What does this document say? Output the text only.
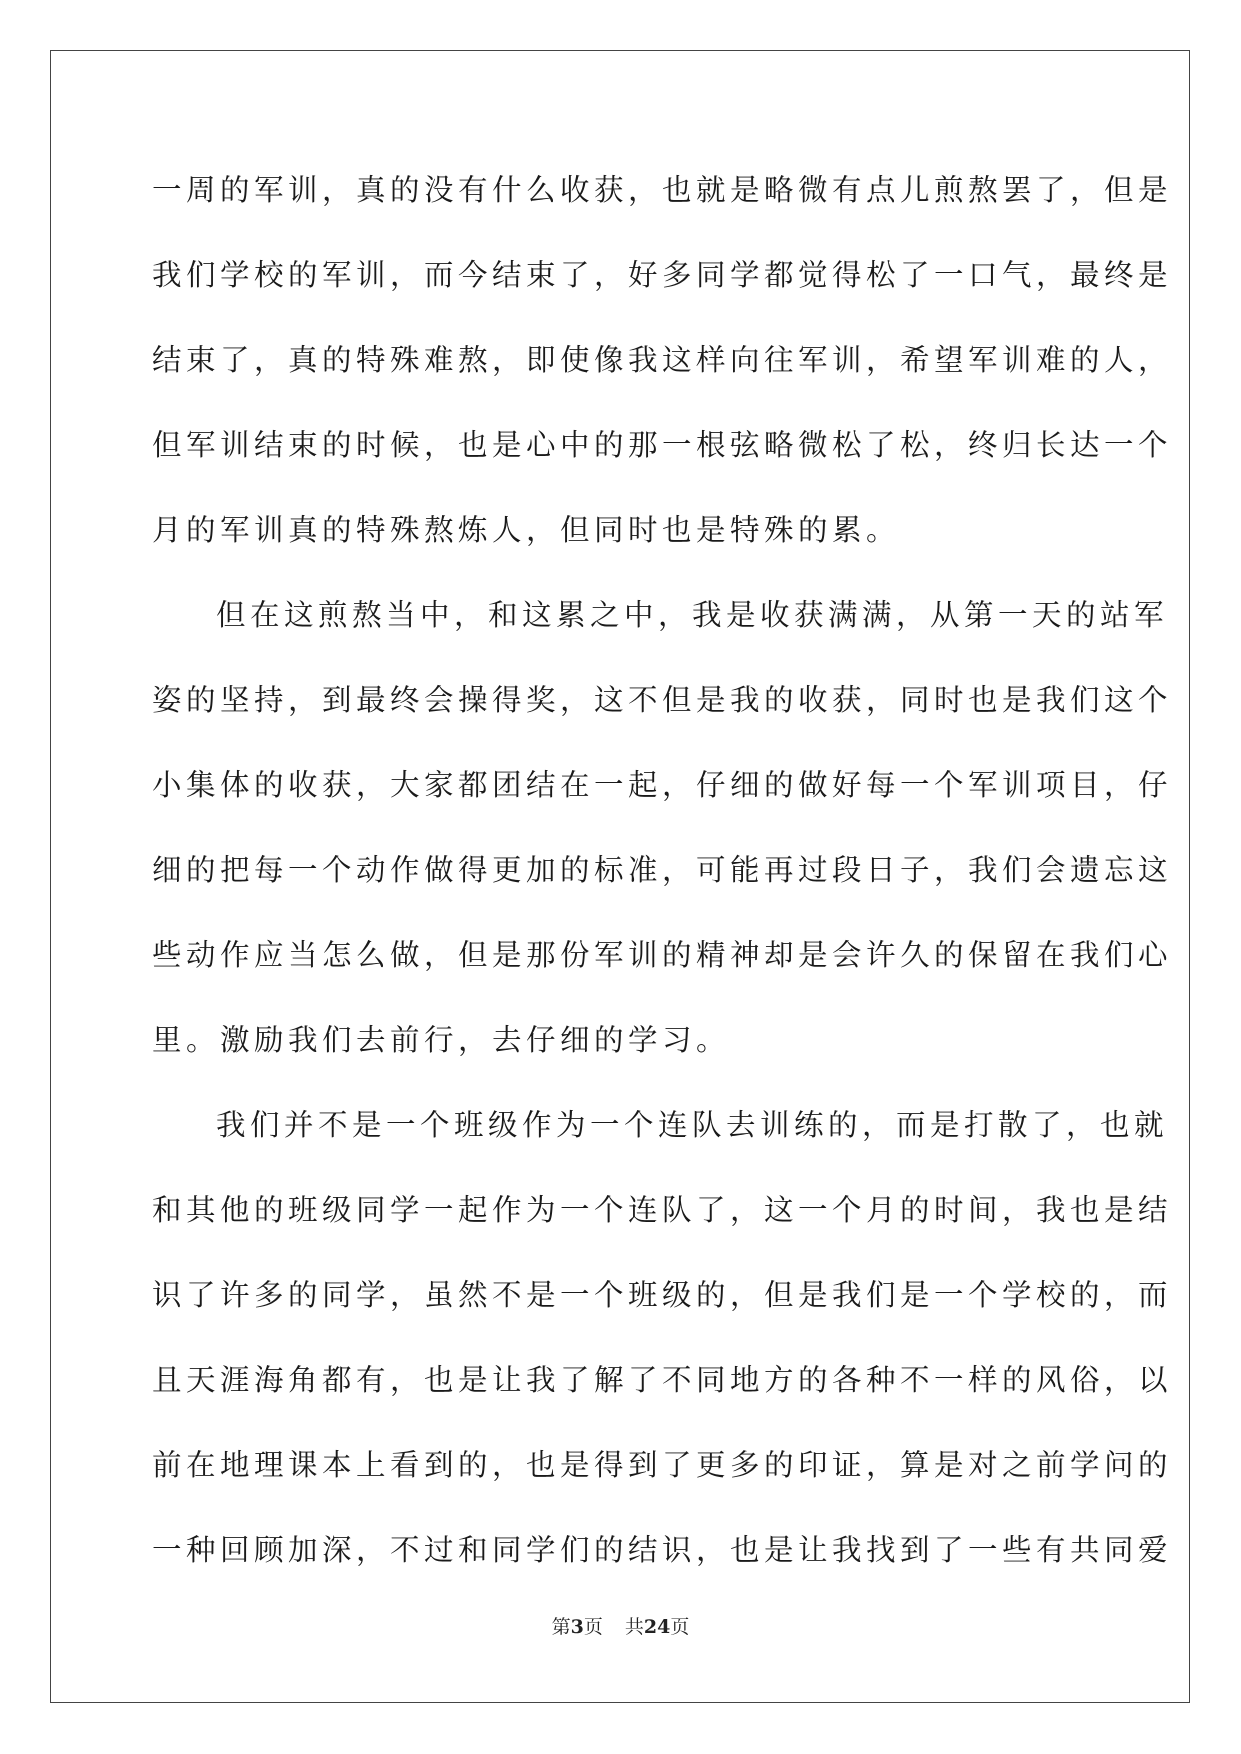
一周的军训，真的没有什么收获，也就是略微有点儿煎熬罢了，但是
我们学校的军训，而今结束了，好多同学都觉得松了一口气，最终是
结束了，真的特殊难熬，即使像我这样向往军训，希望军训难的人，
但军训结束的时候，也是心中的那一根弦略微松了松，终归长达一个
月的军训真的特殊熬炼人，但同时也是特殊的累。
但在这煎熬当中，和这累之中，我是收获满满，从第一天的站军
姿的坚持，到最终会操得奖，这不但是我的收获，同时也是我们这个
小集体的收获，大家都团结在一起，仔细的做好每一个军训项目，仔
细的把每一个动作做得更加的标准，可能再过段日子，我们会遗忘这
些动作应当怎么做，但是那份军训的精神却是会许久的保留在我们心
里。激励我们去前行，去仔细的学习。
我们并不是一个班级作为一个连队去训练的，而是打散了，也就
和其他的班级同学一起作为一个连队了，这一个月的时间，我也是结
识了许多的同学，虽然不是一个班级的，但是我们是一个学校的，而
且天涯海角都有，也是让我了解了不同地方的各种不一样的风俗，以
前在地理课本上看到的，也是得到了更多的印证，算是对之前学问的
一种回顾加深，不过和同学们的结识，也是让我找到了一些有共同爱
第3页 共24页
